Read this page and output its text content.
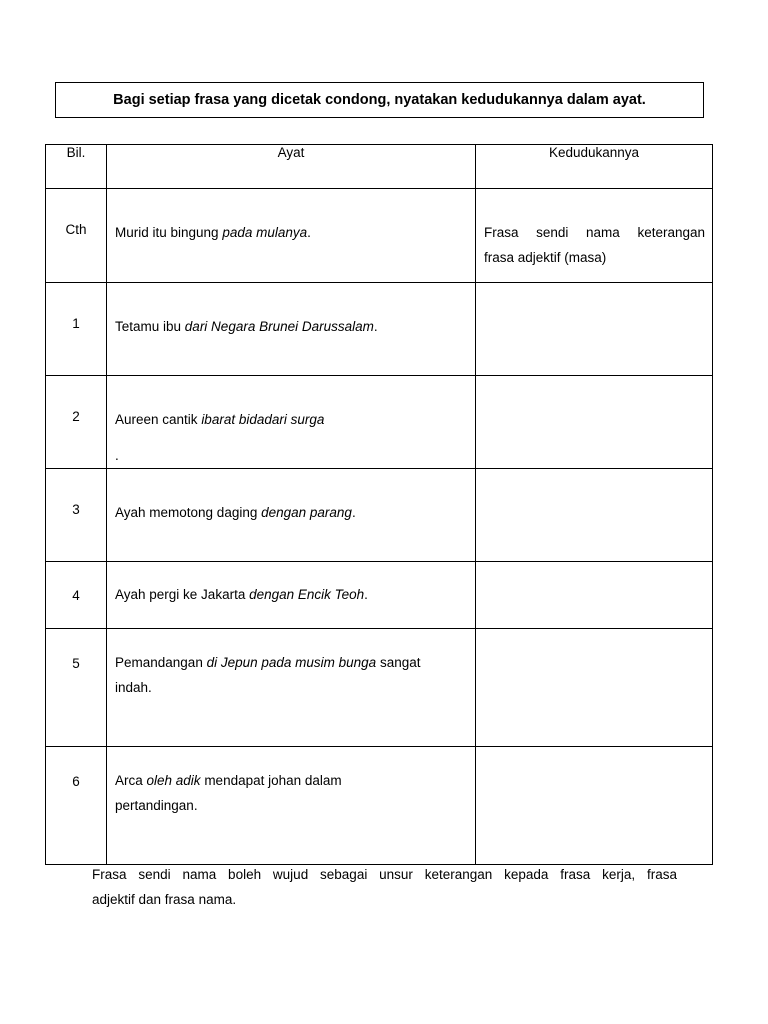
Bagi setiap frasa yang dicetak condong, nyatakan kedudukannya dalam ayat.
Bil.	Ayat	Kedudukannya

Cth	Murid itu bingung pada mulanya.	Frasa sendi nama keterangan
frasa adjektif (masa)

1	Tetamu ibu dari Negara Brunei Darussalam.	

2	Aureen cantik ibarat bidadari surga
.	

3	Ayah memotong daging dengan parang.	

4	Ayah pergi ke Jakarta dengan Encik Teoh.	

5	Pemandangan di Jepun pada musim bunga sangat
indah.	

6	Arca oleh adik mendapat johan dalam
pertandingan.	
Frasa sendi nama boleh wujud sebagai unsur keterangan kepada frasa kerja, frasa
adjektif dan frasa nama.
